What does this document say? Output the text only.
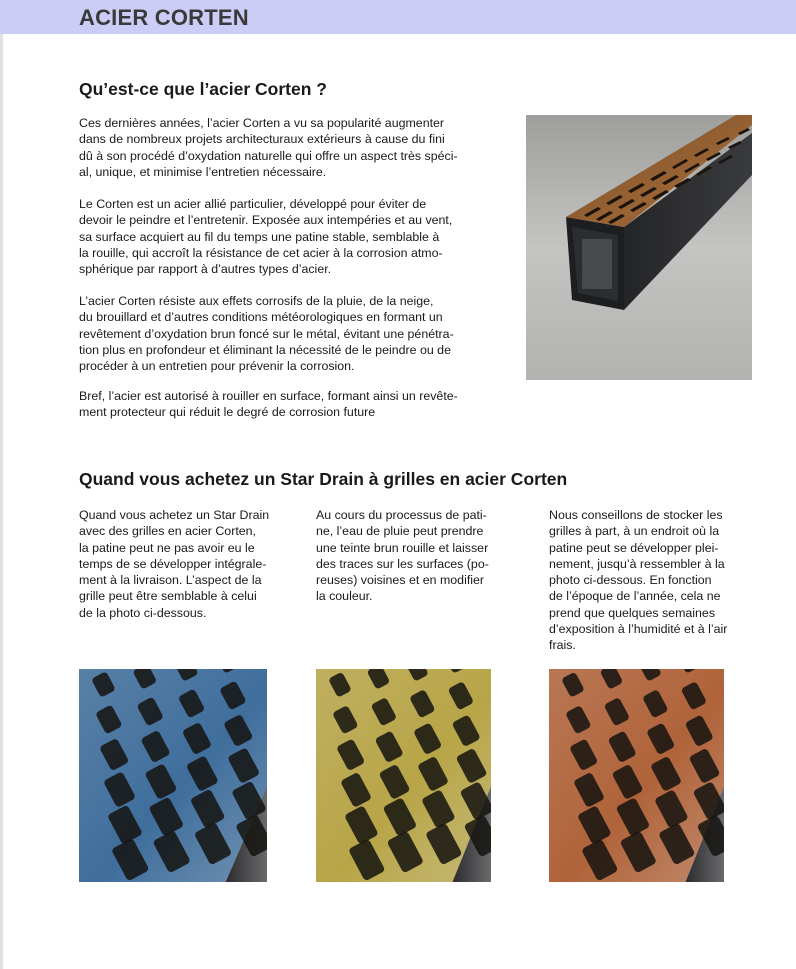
ACIER CORTEN
Qu’est-ce que l’acier Corten ?
Ces dernières années, l’acier Corten a vu sa popularité augmenter
dans de nombreux projets architecturaux extérieurs à cause du fini
dû à son procédé d’oxydation naturelle qui offre un aspect très spéci-
al, unique, et minimise l’entretien nécessaire.
Le Corten est un acier allié particulier, développé pour éviter de
devoir le peindre et l’entretenir. Exposée aux intempéries et au vent,
sa surface acquiert au fil du temps une patine stable, semblable à
la rouille, qui accroît la résistance de cet acier à la corrosion atmo-
sphérique par rapport à d’autres types d’acier.
L’acier Corten résiste aux effets corrosifs de la pluie, de la neige,
du brouillard et d’autres conditions météorologiques en formant un
revêtement d’oxydation brun foncé sur le métal, évitant une pénétra-
tion plus en profondeur et éliminant la nécessité de le peindre ou de
procéder à un entretien pour prévenir la corrosion.
Bref, l’acier est autorisé à rouiller en surface, formant ainsi un revête-
ment protecteur qui réduit le degré de corrosion future
Quand vous achetez un Star Drain à grilles en acier Corten
Quand vous achetez un Star Drain
avec des grilles en acier Corten,
la patine peut ne pas avoir eu le
temps de se développer intégrale-
ment à la livraison. L’aspect de la
grille peut être semblable à celui
de la photo ci-dessous.
Au cours du processus de pati-
ne, l’eau de pluie peut prendre
une teinte brun rouille et laisser
des traces sur les surfaces (po-
reuses) voisines et en modifier
la couleur.
Nous conseillons de stocker les
grilles à part, à un endroit où la
patine peut se développer plei-
nement, jusqu’à ressembler à la
photo ci-dessous. En fonction
de l’époque de l’année, cela ne
prend que quelques semaines
d’exposition à l’humidité et à l’air
frais.
